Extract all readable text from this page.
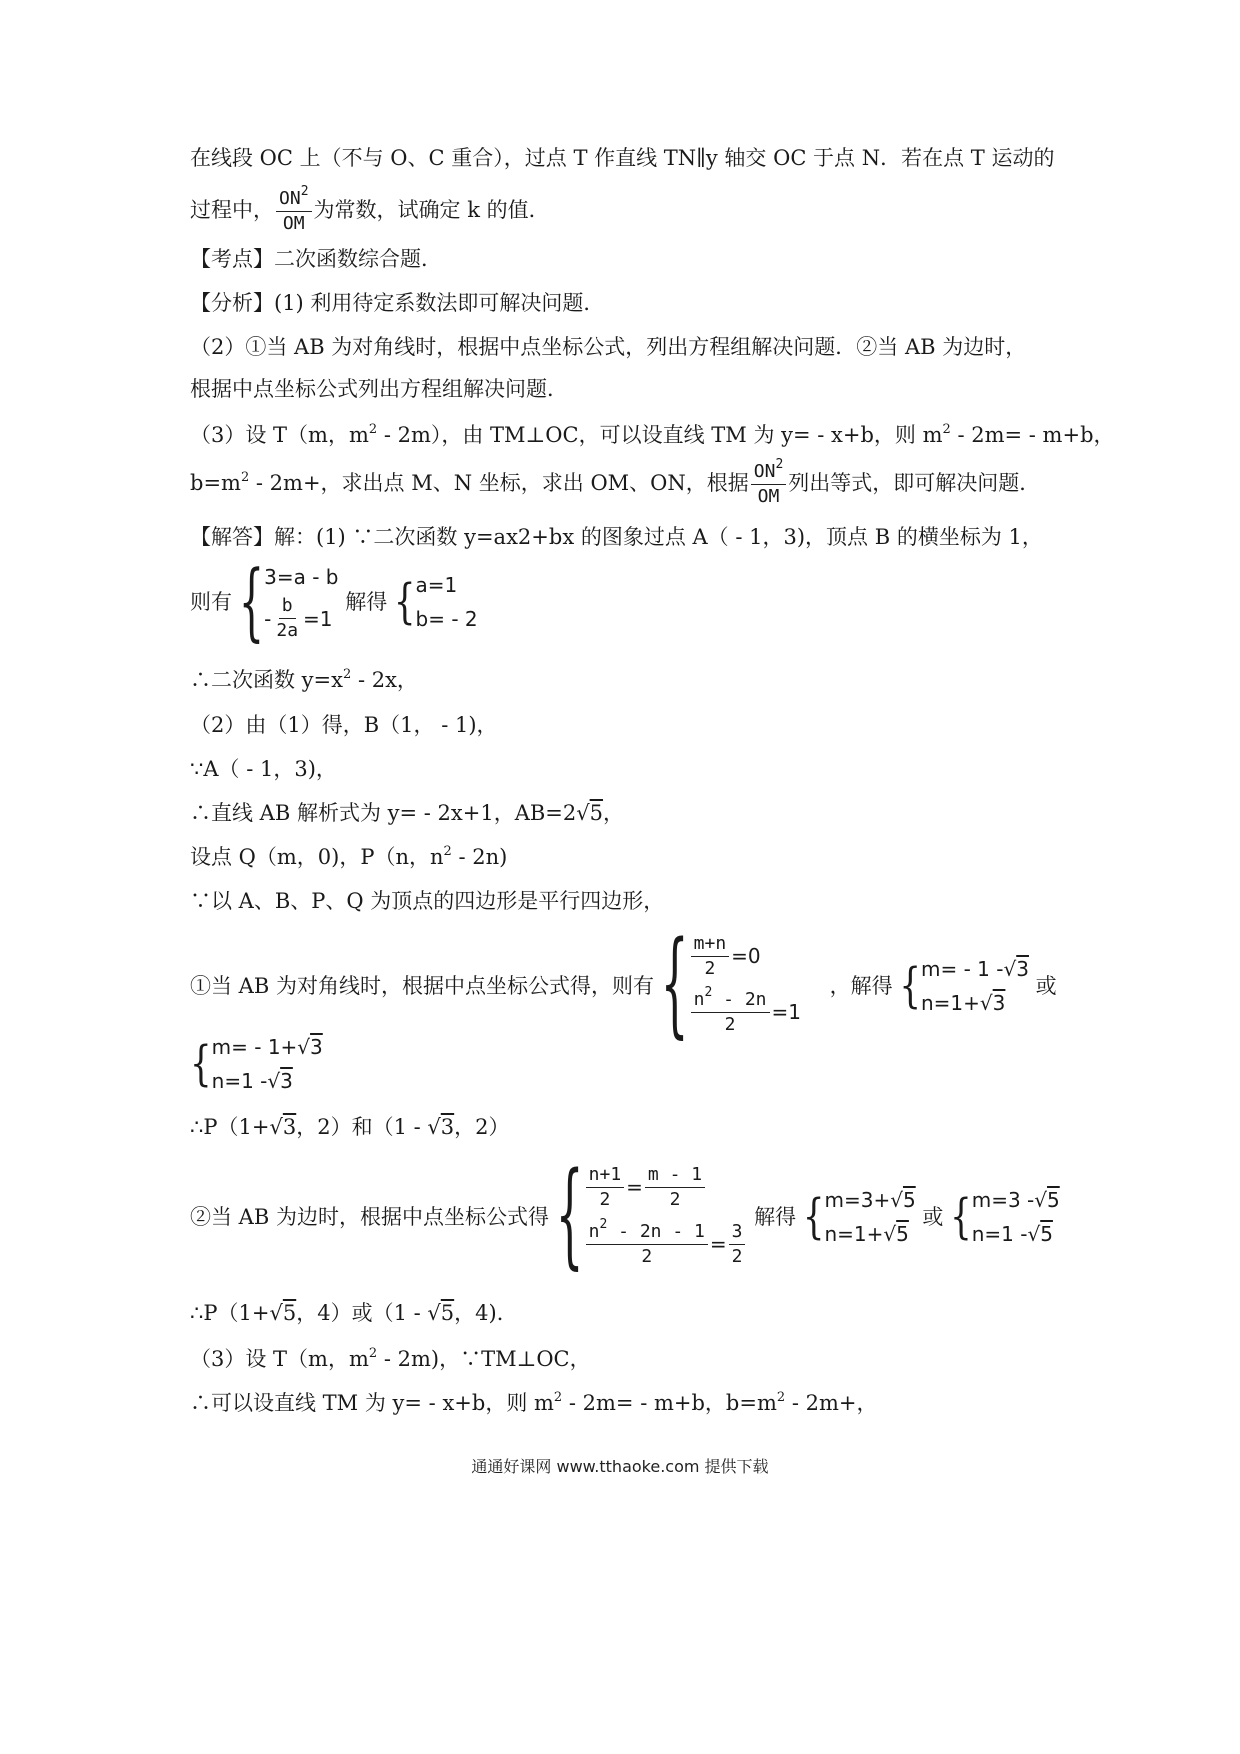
在线段 OC 上（不与 O、C 重合），过点 T 作直线 TN∥y 轴交 OC 于点 N．若在点 T 运动的
过程中， $\frac{ON^2}{OM}$ 为常数，试确定 k 的值．
【考点】二次函数综合题．
【分析】(1) 利用待定系数法即可解决问题．
（2）①当 AB 为对角线时，根据中点坐标公式，列出方程组解决问题．②当 AB 为边时，
根据中点坐标公式列出方程组解决问题．
（3）设 T（m，$m^2 - 2m$），由 TM⊥OC，可以设直线 TM 为 y= - x+b，则 $m^2 - 2m= - m+b$，
$b=m^2 - 2m+$，求出点 M、N 坐标，求出 OM、ON，根据 $\frac{ON^2}{OM}$ 列出等式，即可解决问题．
【解答】解：(1) ∵二次函数 y=ax2+bx 的图象过点 A（ - 1，3)，顶点 B 的横坐标为 1，
则有 { 3=a - b
- $\frac{b}{2a} =1$
解得 { a=1
b= - 2
∴二次函数 $y=x^2 - 2x$，
（2）由（1）得，B（1， - 1)，
∵A（ - 1，3)，
∴直线 AB 解析式为 y= - 2x+1，AB=2√5，
设点 Q（m，0)，P（n，$n^2 - 2n$)
∵以 A、B、P、Q 为顶点的四边形是平行四边形，
①当 AB 为对角线时，根据中点坐标公式得，则有 { $\frac{m+n}{2} =0$
$\frac{n^2 - 2n}{2} =1$
，解得 { m= - 1 - √ 3
n=1+ √ 3
或
{ m= - 1+ √ 3
n=1 - √ 3
∴P（1+√3，2）和（1 - √3，2）
②当 AB 为边时，根据中点坐标公式得 { $\frac{n+1}{2} = \frac{m - 1}{2}$
$\frac{n^2 - 2n - 1}{2} = \frac{3}{2}$
解得 { m=3+ √ 5
n=1+ √ 5
或 { m=3 - √ 5
n=1 - √ 5
∴P（1+√5，4）或（1 - √5，4)．
（3）设 T（m，$m^2 - 2m$)，∵TM⊥OC，
∴可以设直线 TM 为 y= - x+b，则 $m^2 - 2m= - m+b$，$b=m^2 - 2m+$，
通通好课网 www.tthaoke.com 提供下载
